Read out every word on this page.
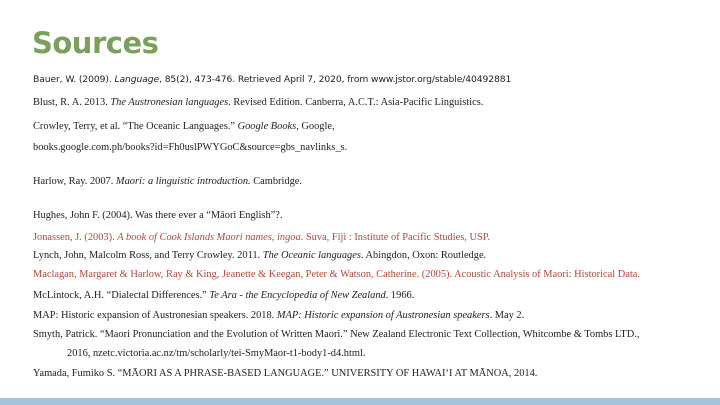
Sources

Bauer, W. (2009). Language, 85(2), 473-476. Retrieved April 7, 2020, from www.jstor.org/stable/40492881

Blust, R. A. 2013. The Austronesian languages. Revised Edition. Canberra, A.C.T.: Asia-Pacific Linguistics.

Crowley, Terry, et al. “The Oceanic Languages.” Google Books, Google,

books.google.com.ph/books?id=Fh0uslPWYGoC&source=gbs_navlinks_s.

Harlow, Ray. 2007. Maori: a linguistic introduction. Cambridge.

Hughes, John F. (2004). Was there ever a “Māori English”?.

Jonassen, J. (2003). A book of Cook Islands Maori names, ingoa. Suva, Fiji : Institute of Pacific Studies, USP.

Lynch, John, Malcolm Ross, and Terry Crowley. 2011. The Oceanic languages. Abingdon, Oxon: Routledge.

Maclagan, Margaret & Harlow, Ray & King, Jeanette & Keegan, Peter & Watson, Catherine. (2005). Acoustic Analysis of Maori: Historical Data.

McLintock, A.H. “Dialectal Differences.” Te Ara - the Encyclopedia of New Zealand. 1966.

MAP: Historic expansion of Austronesian speakers. 2018. MAP: Historic expansion of Austronesian speakers. May 2.

Smyth, Patrick. “Maori Pronunciation and the Evolution of Written Maori.” New Zealand Electronic Text Collection, Whitcombe & Tombs LTD.,

2016, nzetc.victoria.ac.nz/tm/scholarly/tei-SmyMaor-t1-body1-d4.html.

Yamada, Fumiko S. “MĀORI AS A PHRASE-BASED LANGUAGE.” UNIVERSITY OF HAWAI‘I AT MĀNOA, 2014.
